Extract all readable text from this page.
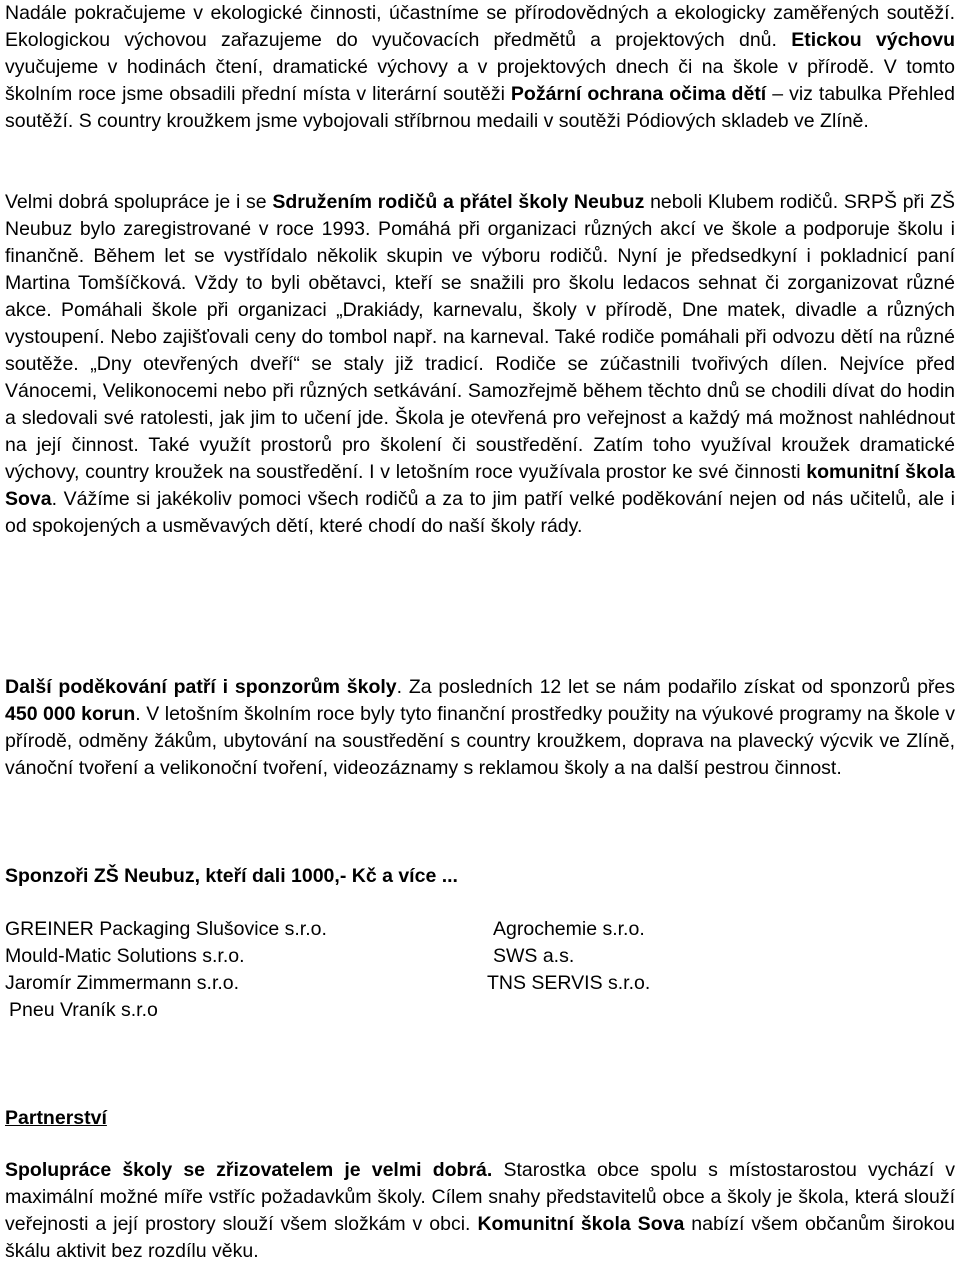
Nadále pokračujeme v ekologické činnosti, účastníme se přírodovědných a ekologicky zaměřených soutěží. Ekologickou výchovou zařazujeme do vyučovacích předmětů a projektových dnů. Etickou výchovu vyučujeme v hodinách čtení, dramatické výchovy a v projektových dnech či na škole v přírodě. V tomto školním roce jsme obsadili přední místa v literární soutěži Požární ochrana očima dětí – viz tabulka Přehled soutěží. S country kroužkem jsme vybojovali stříbrnou medaili v soutěži Pódiových skladeb ve Zlíně.

Velmi dobrá spolupráce je i se Sdružením rodičů a přátel školy Neubuz neboli Klubem rodičů. SRPŠ při ZŠ Neubuz bylo zaregistrované v roce 1993. Pomáhá při organizaci různých akcí ve škole a podporuje školu i finančně. Během let se vystřídalo několik skupin ve výboru rodičů. Nyní je předsedkyní i pokladnicí paní Martina Tomšíčková. Vždy to byli obětavci, kteří se snažili pro školu ledacos sehnat či zorganizovat různé akce. Pomáhali škole při organizaci „Drakiády, karnevalu, školy v přírodě, Dne matek, divadle a různých vystoupení. Nebo zajišťovali ceny do tombol např. na karneval. Také rodiče pomáhali při odvozu dětí na různé soutěže. „Dny otevřených dveří“ se staly již tradicí. Rodiče se zúčastnili tvořivých dílen. Nejvíce před Vánocemi, Velikonocemi nebo při různých setkávání. Samozřejmě během těchto dnů se chodili dívat do hodin a sledovali své ratolesti, jak jim to učení jde. Škola je otevřená pro veřejnost a každý má možnost nahlédnout na její činnost. Také využít prostorů pro školení či soustředění. Zatím toho využíval kroužek dramatické výchovy, country kroužek na soustředění. I v letošním roce využívala prostor ke své činnosti komunitní škola Sova. Vážíme si jakékoliv pomoci všech rodičů a za to jim patří velké poděkování nejen od nás učitelů, ale i od spokojených a usměvavých dětí, které chodí do naší školy rády.

Další poděkování patří i sponzorům školy. Za posledních 12 let se nám podařilo získat od sponzorů přes 450 000 korun. V letošním školním roce byly tyto finanční prostředky použity na výukové programy na škole v přírodě, odměny žákům, ubytování na soustředění s country kroužkem, doprava na plavecký výcvik ve Zlíně, vánoční tvoření a velikonoční tvoření, videozáznamy s reklamou školy a na další pestrou činnost.

Sponzoři ZŠ Neubuz, kteří dali 1000,- Kč a více ...

GREINER Packaging Slušovice s.r.o.
Mould-Matic Solutions s.r.o.
Jaromír Zimmermann s.r.o.
Pneu Vraník s.r.o
Agrochemie s.r.o.
SWS a.s.
TNS SERVIS s.r.o.

Partnerství

Spolupráce školy se zřizovatelem je velmi dobrá. Starostka obce spolu s místostarostou vychází v maximální možné míře vstříc požadavkům školy. Cílem snahy představitelů obce a školy je škola, která slouží veřejnosti a její prostory slouží všem složkám v obci. Komunitní škola Sova nabízí všem občanům širokou škálu aktivit bez rozdílu věku.
